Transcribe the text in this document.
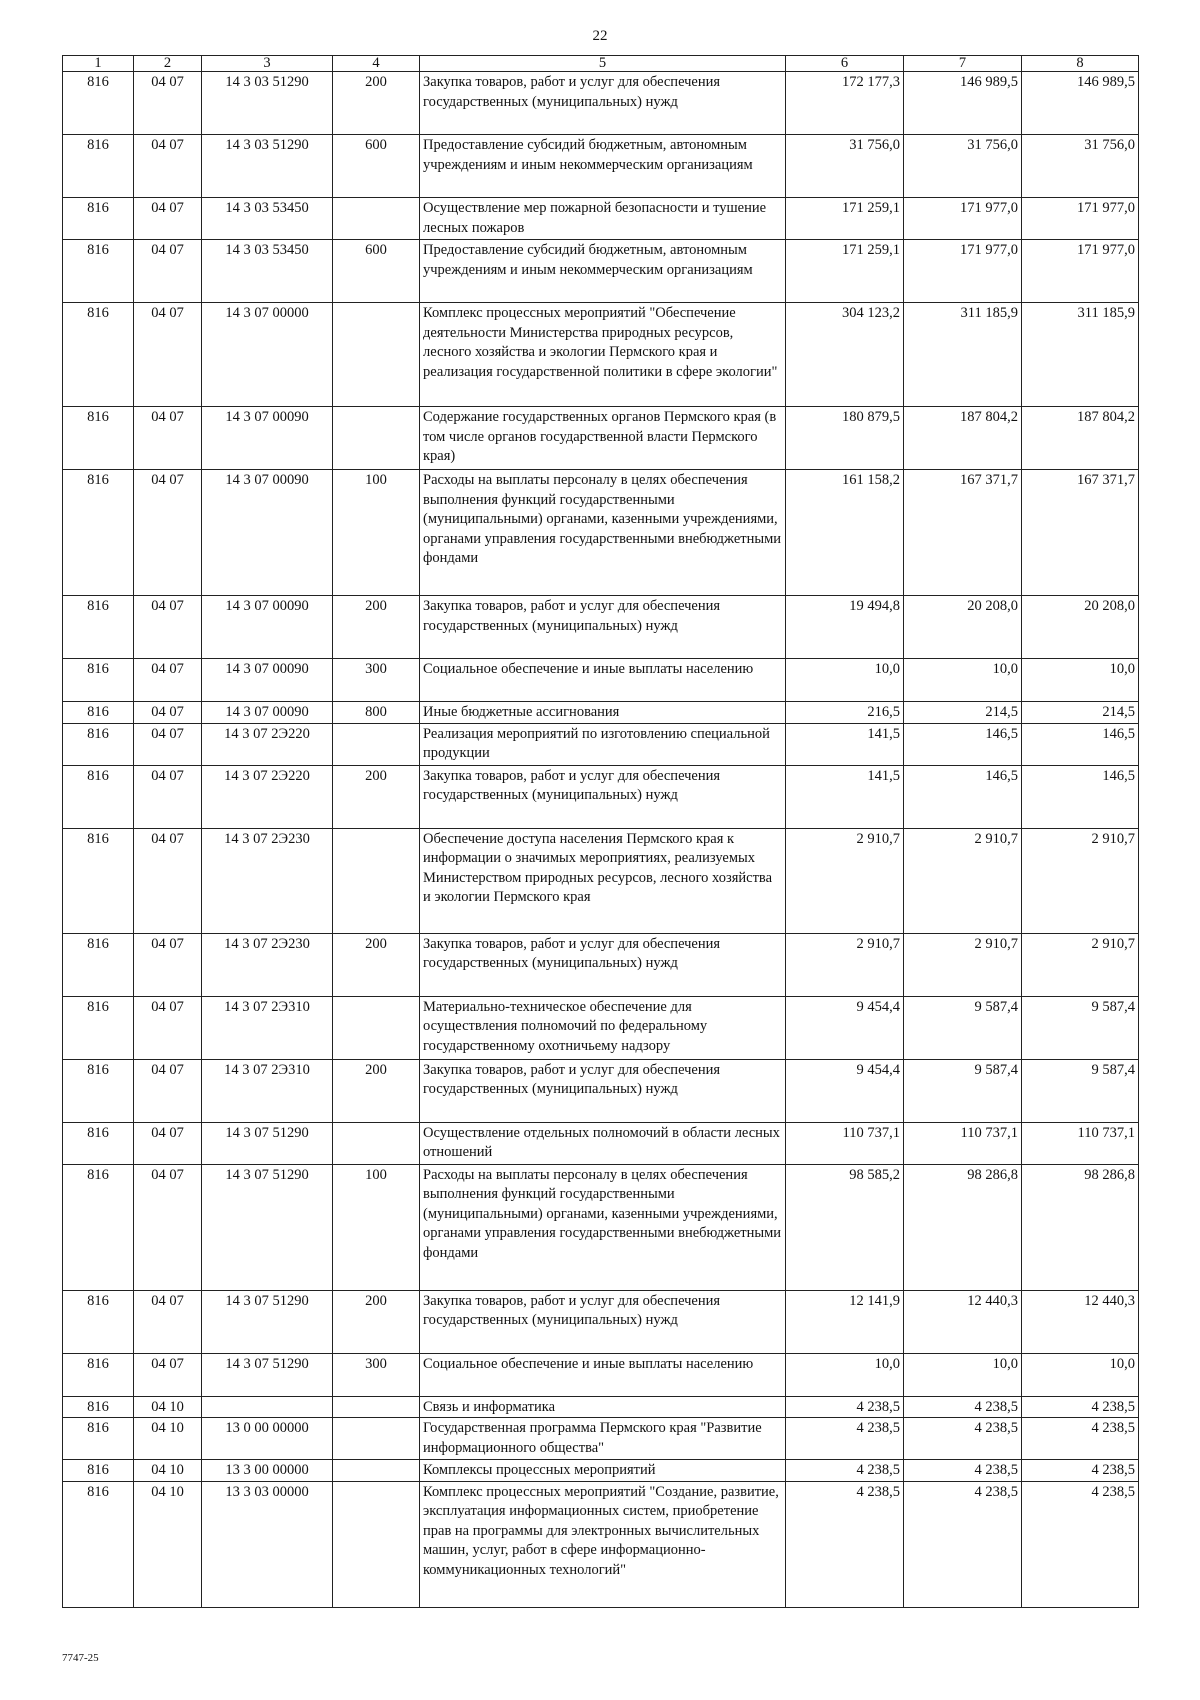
22
1	2	3	4	5	6	7	8
816	04 07	14 3 03 51290	200	Закупка товаров, работ и услуг для обеспечения государственных (муниципальных) нужд	172 177,3	146 989,5	146 989,5
816	04 07	14 3 03 51290	600	Предоставление субсидий бюджетным, автономным учреждениям и иным некоммерческим организациям	31 756,0	31 756,0	31 756,0
816	04 07	14 3 03 53450		Осуществление мер пожарной безопасности и тушение лесных пожаров	171 259,1	171 977,0	171 977,0
816	04 07	14 3 03 53450	600	Предоставление субсидий бюджетным, автономным учреждениям и иным некоммерческим организациям	171 259,1	171 977,0	171 977,0
816	04 07	14 3 07 00000		Комплекс процессных мероприятий "Обеспечение деятельности Министерства природных ресурсов, лесного хозяйства и экологии Пермского края и реализация государственной политики в сфере экологии"	304 123,2	311 185,9	311 185,9
816	04 07	14 3 07 00090		Содержание государственных органов Пермского края (в том числе органов государственной власти Пермского края)	180 879,5	187 804,2	187 804,2
816	04 07	14 3 07 00090	100	Расходы на выплаты персоналу в целях обеспечения выполнения функций государственными (муниципальными) органами, казенными учреждениями, органами управления государственными внебюджетными фондами	161 158,2	167 371,7	167 371,7
816	04 07	14 3 07 00090	200	Закупка товаров, работ и услуг для обеспечения государственных (муниципальных) нужд	19 494,8	20 208,0	20 208,0
816	04 07	14 3 07 00090	300	Социальное обеспечение и иные выплаты населению	10,0	10,0	10,0
816	04 07	14 3 07 00090	800	Иные бюджетные ассигнования	216,5	214,5	214,5
816	04 07	14 3 07 2Э220		Реализация мероприятий по изготовлению специальной продукции	141,5	146,5	146,5
816	04 07	14 3 07 2Э220	200	Закупка товаров, работ и услуг для обеспечения государственных (муниципальных) нужд	141,5	146,5	146,5
816	04 07	14 3 07 2Э230		Обеспечение доступа населения Пермского края к информации о значимых мероприятиях, реализуемых Министерством природных ресурсов, лесного хозяйства и экологии Пермского края	2 910,7	2 910,7	2 910,7
816	04 07	14 3 07 2Э230	200	Закупка товаров, работ и услуг для обеспечения государственных (муниципальных) нужд	2 910,7	2 910,7	2 910,7
816	04 07	14 3 07 2Э310		Материально-техническое обеспечение для осуществления полномочий по федеральному государственному охотничьему надзору	9 454,4	9 587,4	9 587,4
816	04 07	14 3 07 2Э310	200	Закупка товаров, работ и услуг для обеспечения государственных (муниципальных) нужд	9 454,4	9 587,4	9 587,4
816	04 07	14 3 07 51290		Осуществление отдельных полномочий в области лесных отношений	110 737,1	110 737,1	110 737,1
816	04 07	14 3 07 51290	100	Расходы на выплаты персоналу в целях обеспечения выполнения функций государственными (муниципальными) органами, казенными учреждениями, органами управления государственными внебюджетными фондами	98 585,2	98 286,8	98 286,8
816	04 07	14 3 07 51290	200	Закупка товаров, работ и услуг для обеспечения государственных (муниципальных) нужд	12 141,9	12 440,3	12 440,3
816	04 07	14 3 07 51290	300	Социальное обеспечение и иные выплаты населению	10,0	10,0	10,0
816	04 10			Связь и информатика	4 238,5	4 238,5	4 238,5
816	04 10	13 0 00 00000		Государственная программа Пермского края "Развитие информационного общества"	4 238,5	4 238,5	4 238,5
816	04 10	13 3 00 00000		Комплексы процессных мероприятий	4 238,5	4 238,5	4 238,5
816	04 10	13 3 03 00000		Комплекс процессных мероприятий "Создание, развитие, эксплуатация информационных систем, приобретение прав на программы для электронных вычислительных машин, услуг, работ в сфере информационно-коммуникационных технологий"	4 238,5	4 238,5	4 238,5
7747-25
